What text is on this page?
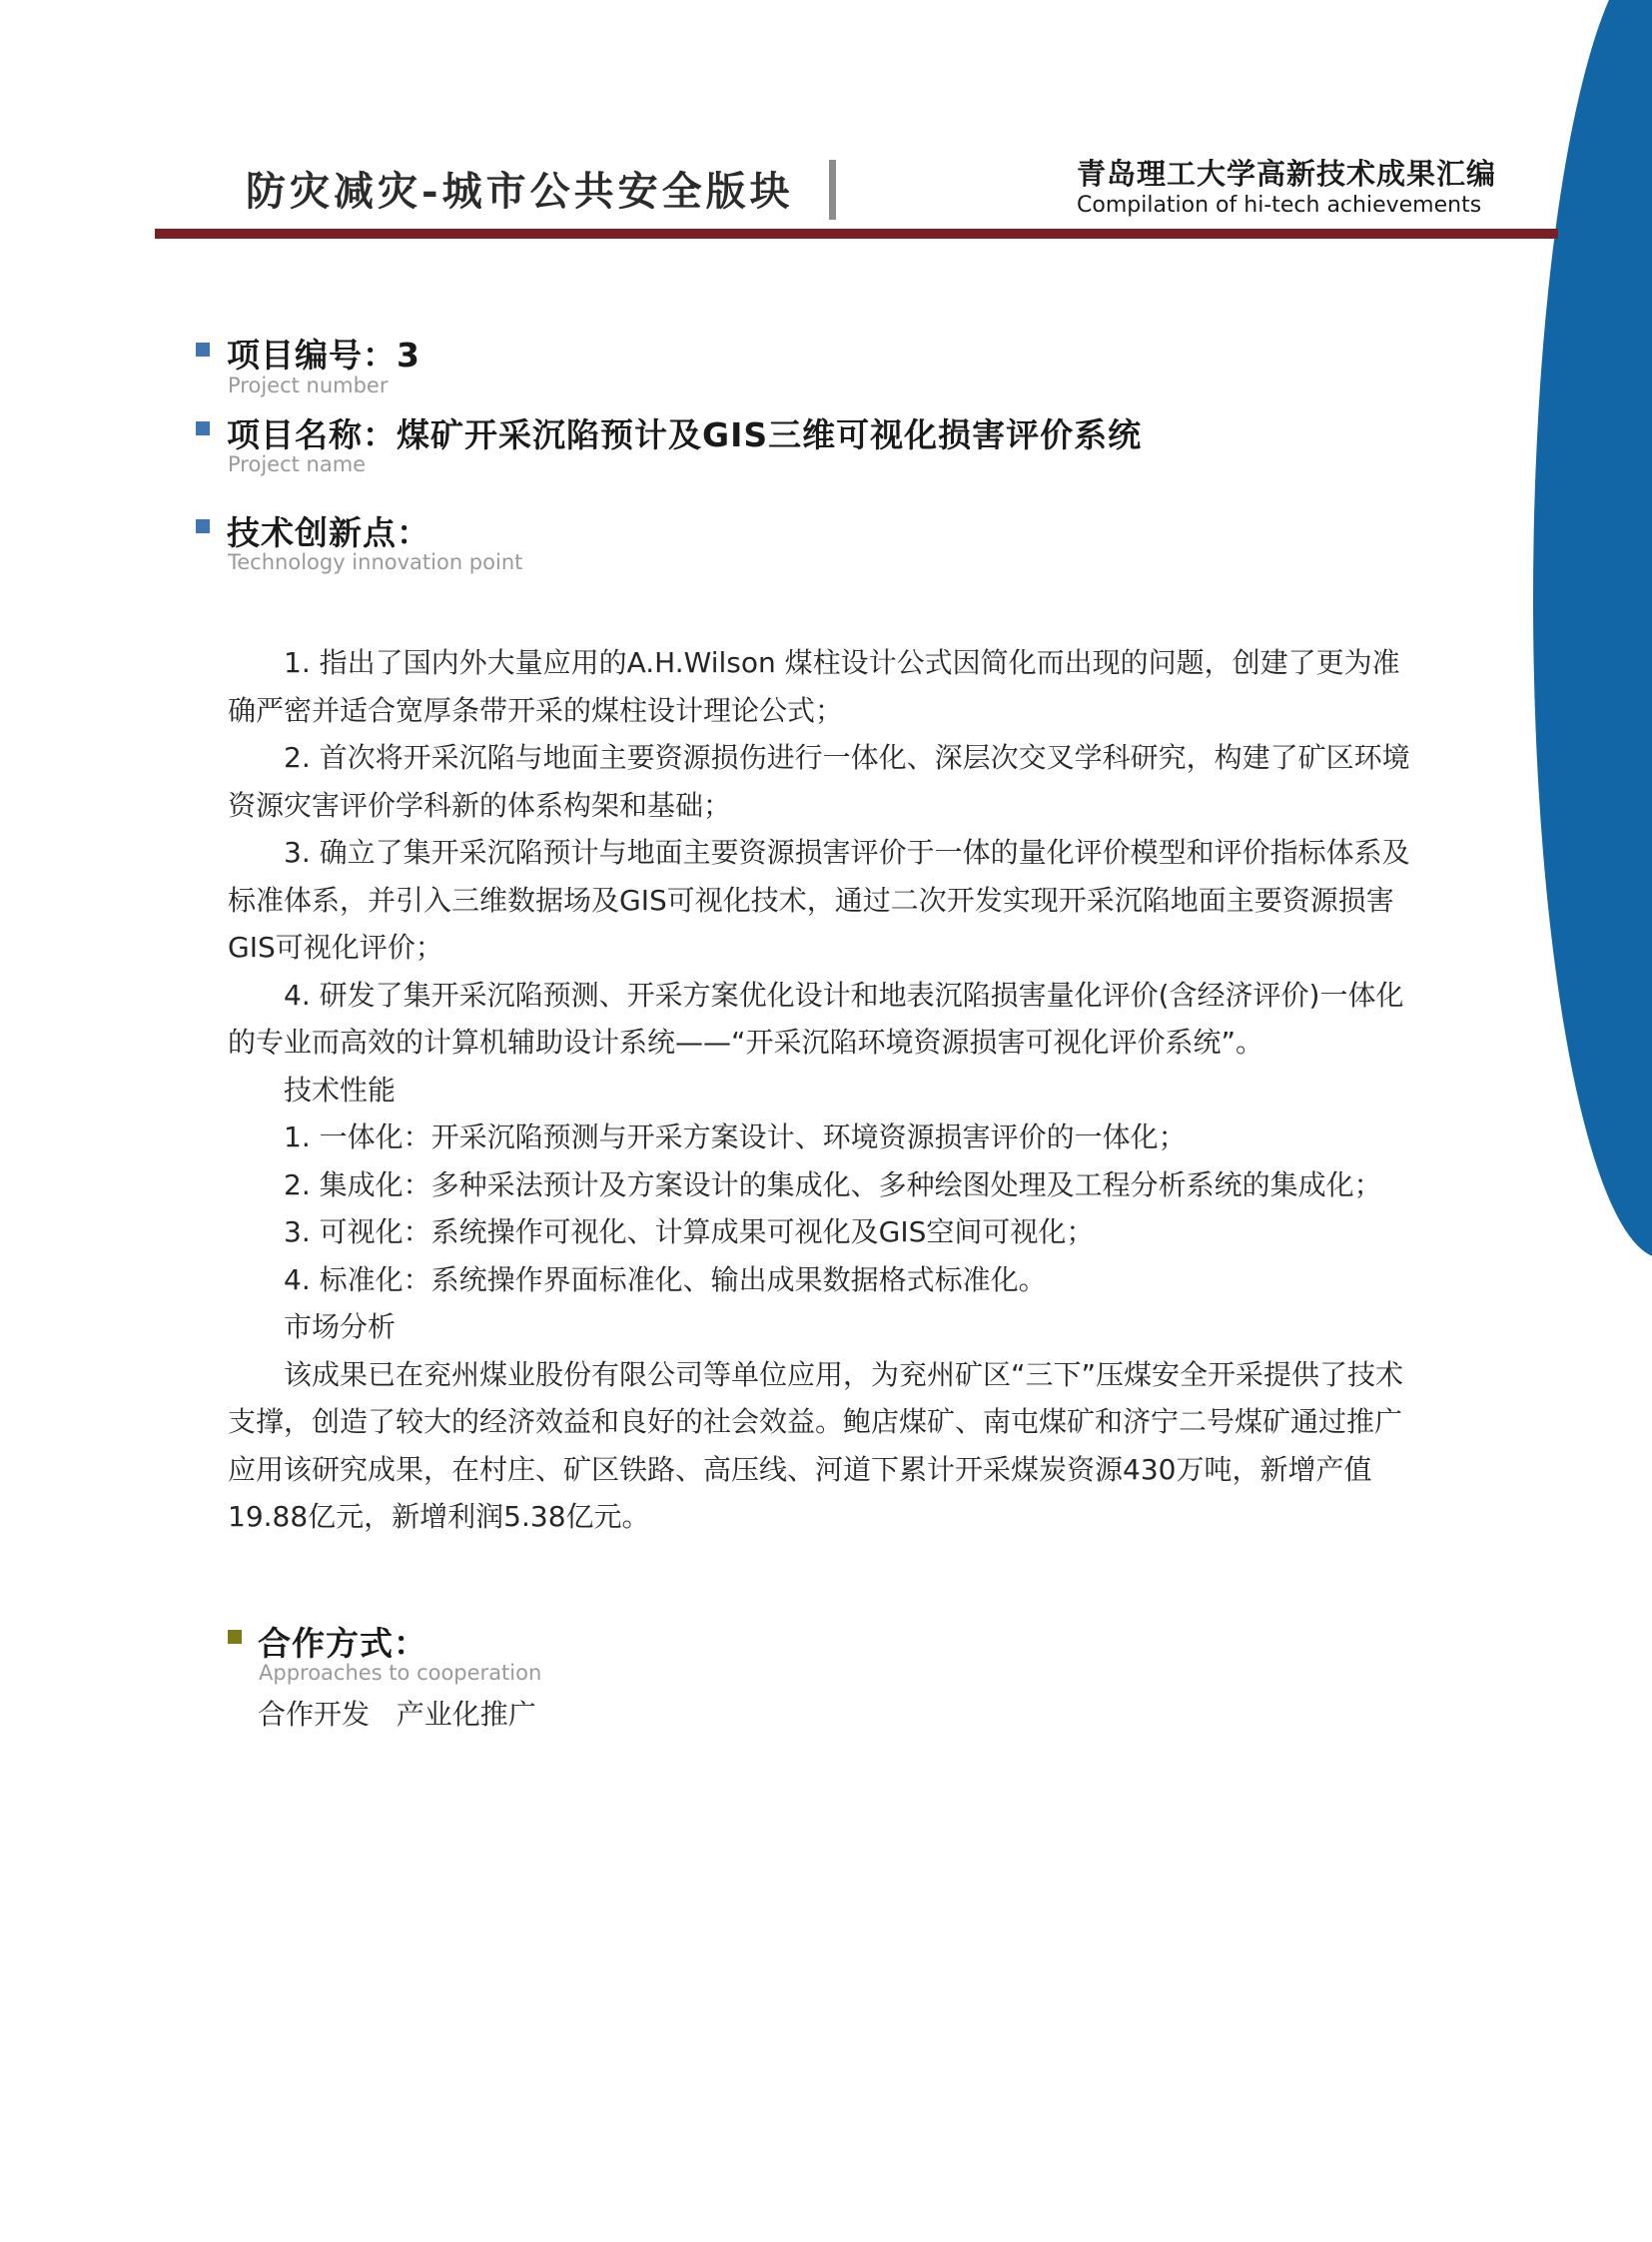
防灾减灾-城市公共安全版块	青岛理工大学高新技术成果汇编
Compilation of hi-tech achievements
项目编号：3
Project number
项目名称：煤矿开采沉陷预计及GIS三维可视化损害评价系统
Project name
技术创新点：
Technology innovation point

1. 指出了国内外大量应用的A.H.Wilson 煤柱设计公式因简化而出现的问题，创建了更为准确严密并适合宽厚条带开采的煤柱设计理论公式；

2. 首次将开采沉陷与地面主要资源损伤进行一体化、深层次交叉学科研究，构建了矿区环境资源灾害评价学科新的体系构架和基础；

3. 确立了集开采沉陷预计与地面主要资源损害评价于一体的量化评价模型和评价指标体系及标准体系，并引入三维数据场及GIS可视化技术，通过二次开发实现开采沉陷地面主要资源损害GIS可视化评价；

4. 研发了集开采沉陷预测、开采方案优化设计和地表沉陷损害量化评价(含经济评价)一体化的专业而高效的计算机辅助设计系统——“开采沉陷环境资源损害可视化评价系统”。

技术性能

1. 一体化：开采沉陷预测与开采方案设计、环境资源损害评价的一体化；

2. 集成化：多种采法预计及方案设计的集成化、多种绘图处理及工程分析系统的集成化；

3. 可视化：系统操作可视化、计算成果可视化及GIS空间可视化；

4. 标准化：系统操作界面标准化、输出成果数据格式标准化。

市场分析

该成果已在兖州煤业股份有限公司等单位应用，为兖州矿区“三下”压煤安全开采提供了技术支撑，创造了较大的经济效益和良好的社会效益。鲍店煤矿、南屯煤矿和济宁二号煤矿通过推广应用该研究成果，在村庄、矿区铁路、高压线、河道下累计开采煤炭资源430万吨，新增产值19.88亿元，新增利润5.38亿元。

合作方式：
Approaches to cooperation
合作开发   产业化推广
